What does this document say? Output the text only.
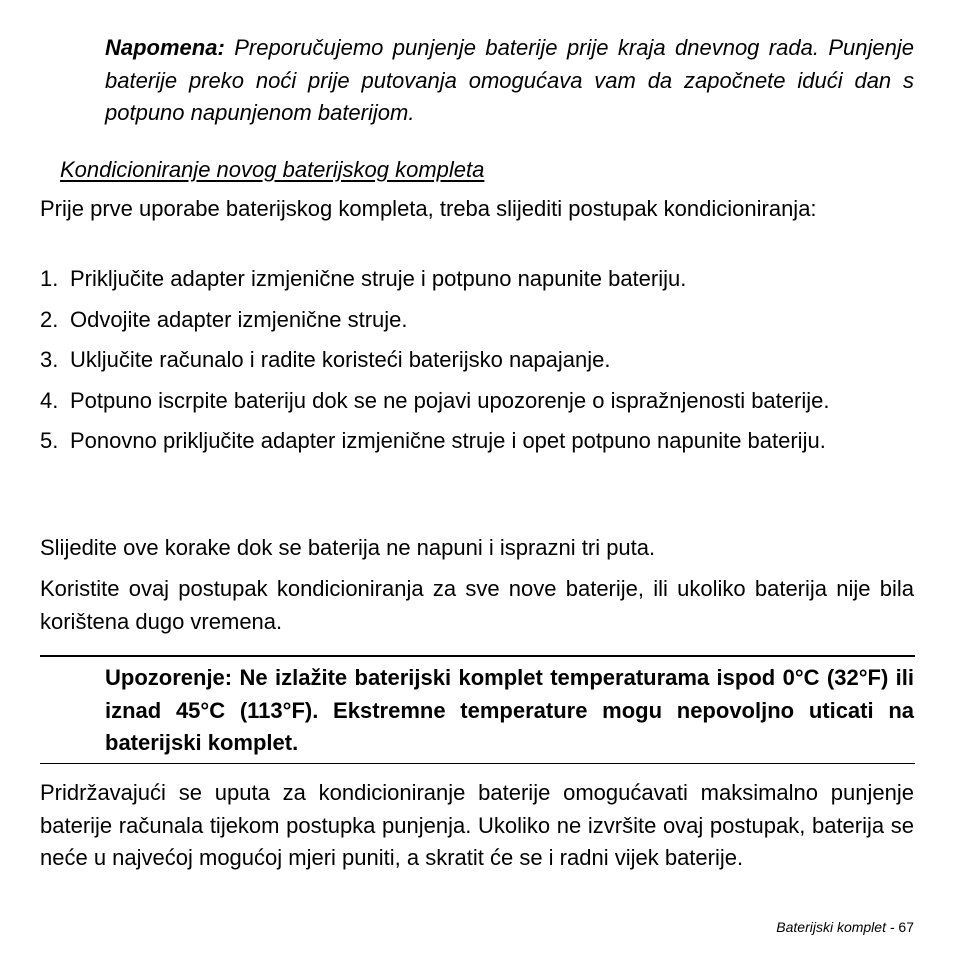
Napomena: Preporučujemo punjenje baterije prije kraja dnevnog rada. Punjenje baterije preko noći prije putovanja omogućava vam da započnete idući dan s potpuno napunjenom baterijom.

Kondicioniranje novog baterijskog kompleta

Prije prve uporabe baterijskog kompleta, treba slijediti postupak kondicioniranja:

1. Priključite adapter izmjenične struje i potpuno napunite bateriju.
2. Odvojite adapter izmjenične struje.
3. Uključite računalo i radite koristeći baterijsko napajanje.
4. Potpuno iscrpite bateriju dok se ne pojavi upozorenje o ispražnjenosti baterije.
5. Ponovno priključite adapter izmjenične struje i opet potpuno napunite bateriju.

Slijedite ove korake dok se baterija ne napuni i isprazni tri puta.

Koristite ovaj postupak kondicioniranja za sve nove baterije, ili ukoliko baterija nije bila korištena dugo vremena.

Upozorenje: Ne izlažite baterijski komplet temperaturama ispod 0°C (32°F) ili iznad 45°C (113°F). Ekstremne temperature mogu nepovoljno uticati na baterijski komplet.

Pridržavajući se uputa za kondicioniranje baterije omogućavati maksimalno punjenje baterije računala tijekom postupka punjenja. Ukoliko ne izvršite ovaj postupak, baterija se neće u najvećoj mogućoj mjeri puniti, a skratit će se i radni vijek baterije.

Baterijski komplet - 67
